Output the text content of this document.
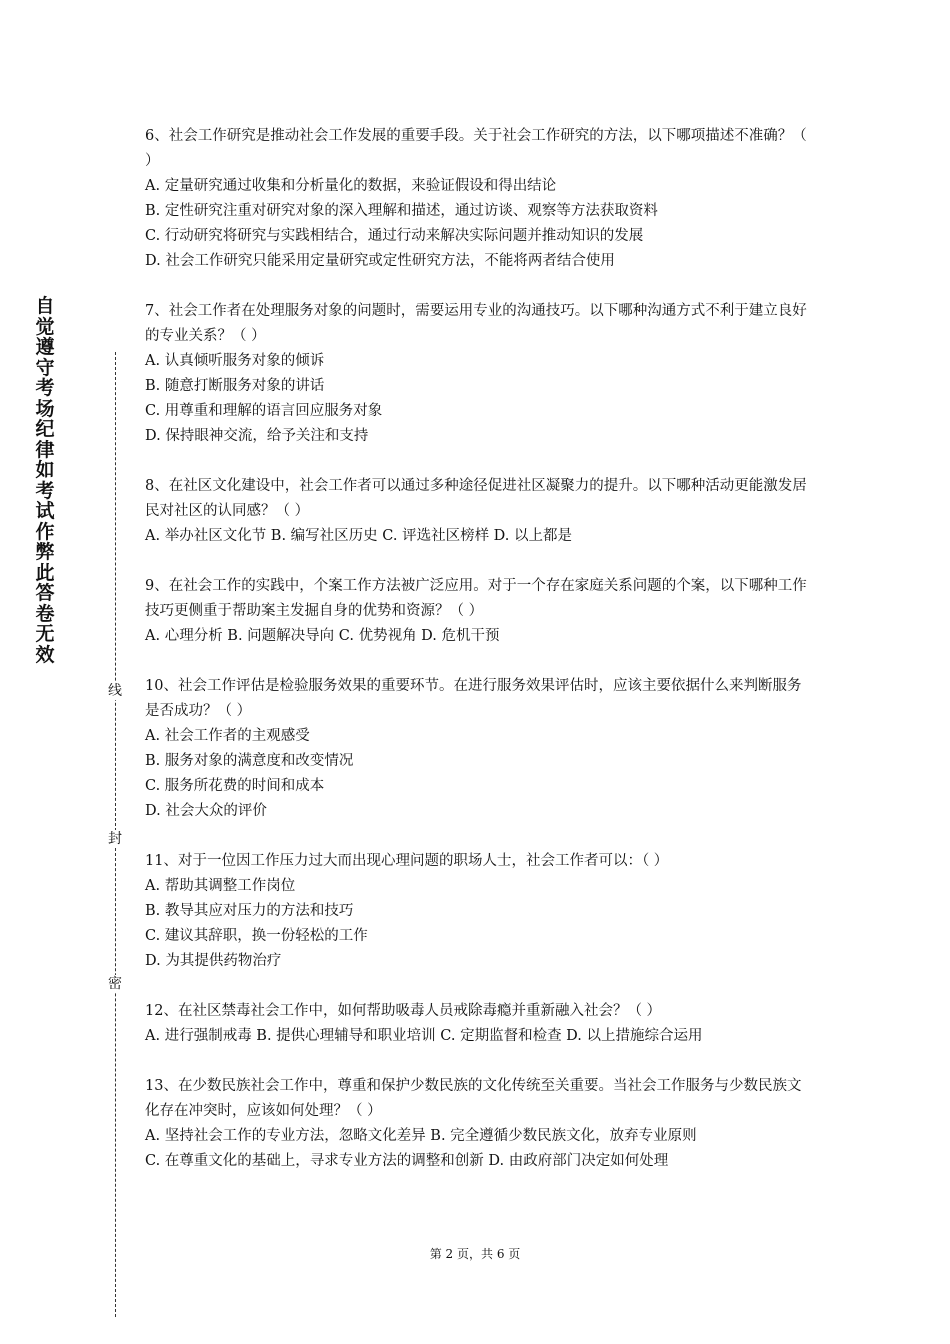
自觉遵守考场纪律如考试作弊此答卷无效
线
封
密

6、社会工作研究是推动社会工作发展的重要手段。关于社会工作研究的方法，以下哪项描述不准确？（ ）

A. 定量研究通过收集和分析量化的数据，来验证假设和得出结论

B. 定性研究注重对研究对象的深入理解和描述，通过访谈、观察等方法获取资料

C. 行动研究将研究与实践相结合，通过行动来解决实际问题并推动知识的发展

D. 社会工作研究只能采用定量研究或定性研究方法，不能将两者结合使用

7、社会工作者在处理服务对象的问题时，需要运用专业的沟通技巧。以下哪种沟通方式不利于建立良好的专业关系？（ ）

A. 认真倾听服务对象的倾诉

B. 随意打断服务对象的讲话

C. 用尊重和理解的语言回应服务对象

D. 保持眼神交流，给予关注和支持

8、在社区文化建设中，社会工作者可以通过多种途径促进社区凝聚力的提升。以下哪种活动更能激发居民对社区的认同感？（ ）

A. 举办社区文化节 B. 编写社区历史 C. 评选社区榜样 D. 以上都是

9、在社会工作的实践中，个案工作方法被广泛应用。对于一个存在家庭关系问题的个案，以下哪种工作技巧更侧重于帮助案主发掘自身的优势和资源？（ ）

A. 心理分析 B. 问题解决导向 C. 优势视角 D. 危机干预

10、社会工作评估是检验服务效果的重要环节。在进行服务效果评估时，应该主要依据什么来判断服务是否成功？（ ）

A. 社会工作者的主观感受

B. 服务对象的满意度和改变情况

C. 服务所花费的时间和成本

D. 社会大众的评价

11、对于一位因工作压力过大而出现心理问题的职场人士，社会工作者可以：（ ）

A. 帮助其调整工作岗位

B. 教导其应对压力的方法和技巧

C. 建议其辞职，换一份轻松的工作

D. 为其提供药物治疗

12、在社区禁毒社会工作中，如何帮助吸毒人员戒除毒瘾并重新融入社会？（ ）

A. 进行强制戒毒 B. 提供心理辅导和职业培训 C. 定期监督和检查 D. 以上措施综合运用

13、在少数民族社会工作中，尊重和保护少数民族的文化传统至关重要。当社会工作服务与少数民族文化存在冲突时，应该如何处理？（ ）

A. 坚持社会工作的专业方法，忽略文化差异 B. 完全遵循少数民族文化，放弃专业原则

C. 在尊重文化的基础上，寻求专业方法的调整和创新 D. 由政府部门决定如何处理

第 2 页，共 6 页
